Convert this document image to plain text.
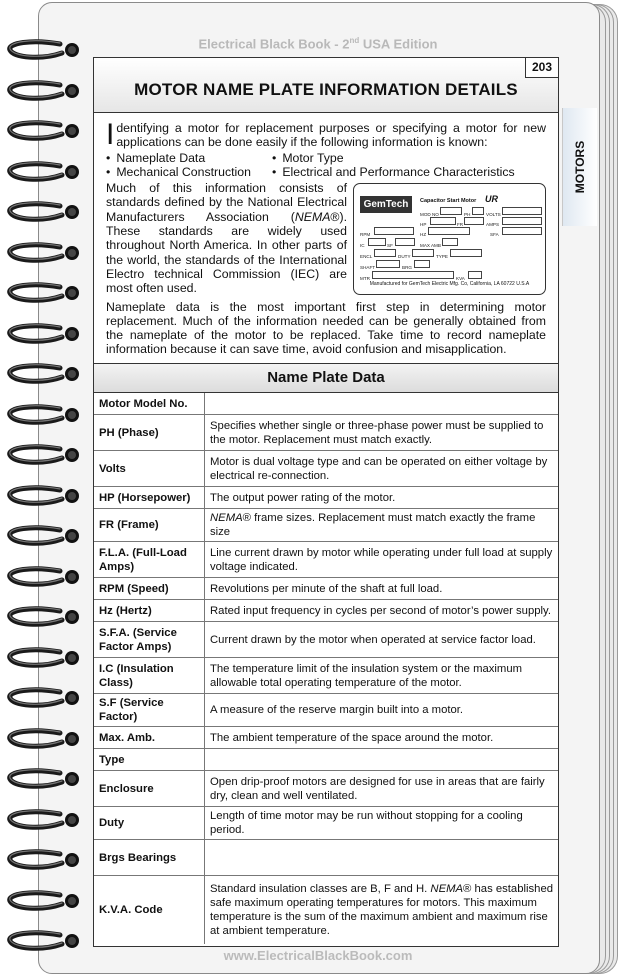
Electrical Black Book - 2nd USA Edition
MOTORS
MOTOR NAME PLATE INFORMATION DETAILS
203

Identifying a motor for replacement purposes or specifying a motor for new applications can be done easily if the following information is known:

• Nameplate Data	• Motor Type
• Mechanical Construction	• Electrical and Performance Characteristics
GemTech	Capacitor Start Motor UR
MOD NO	PH	VOLTS
HP	FR	AMPS
RPM	HZ	SFA
IC	SF	MAX AMB
ENCL	DUTY	TYPE
SHAFT	BRG
MTR	KVA
Manufactured for GemTech Electric Mfg. Co, California, LA 60722 U.S.A

Much of this information consists of standards defined by the National Electrical Manufacturers Association (NEMA®). These standards are widely used throughout North America. In other parts of the world, the standards of the International Electro technical Commission (IEC) are most often used.

Nameplate data is the most important first step in determining motor replacement. Much of the information needed can be generally obtained from the nameplate of the motor to be replaced. Take time to record nameplate information because it can save time, avoid confusion and misapplication.

Name Plate Data
Motor Model No.	
PH (Phase)	Specifies whether single or three-phase power must be supplied to the motor. Replacement must match exactly.
Volts	Motor is dual voltage type and can be operated on either voltage by electrical re-connection.
HP (Horsepower)	The output power rating of the motor.
FR (Frame)	NEMA® frame sizes. Replacement must match exactly the frame size
F.L.A. (Full-Load Amps)	Line current drawn by motor while operating under full load at supply voltage indicated.
RPM (Speed)	Revolutions per minute of the shaft at full load.
Hz (Hertz)	Rated input frequency in cycles per second of motor’s power supply.
S.F.A. (Service Factor Amps)	Current drawn by the motor when operated at service factor load.
I.C (Insulation Class)	The temperature limit of the insulation system or the maximum allowable total operating temperature of the motor.
S.F (Service Factor)	A measure of the reserve margin built into a motor.
Max. Amb.	The ambient temperature of the space around the motor.
Type	
Enclosure	Open drip-proof motors are designed for use in areas that are fairly dry, clean and well ventilated.
Duty	Length of time motor may be run without stopping for a cooling period.
Brgs Bearings	
K.V.A. Code	Standard insulation classes are B, F and H. NEMA® has established safe maximum operating temperatures for motors. This maximum temperature is the sum of the maximum ambient and maximum rise at ambient temperature.
www.ElectricalBlackBook.com
